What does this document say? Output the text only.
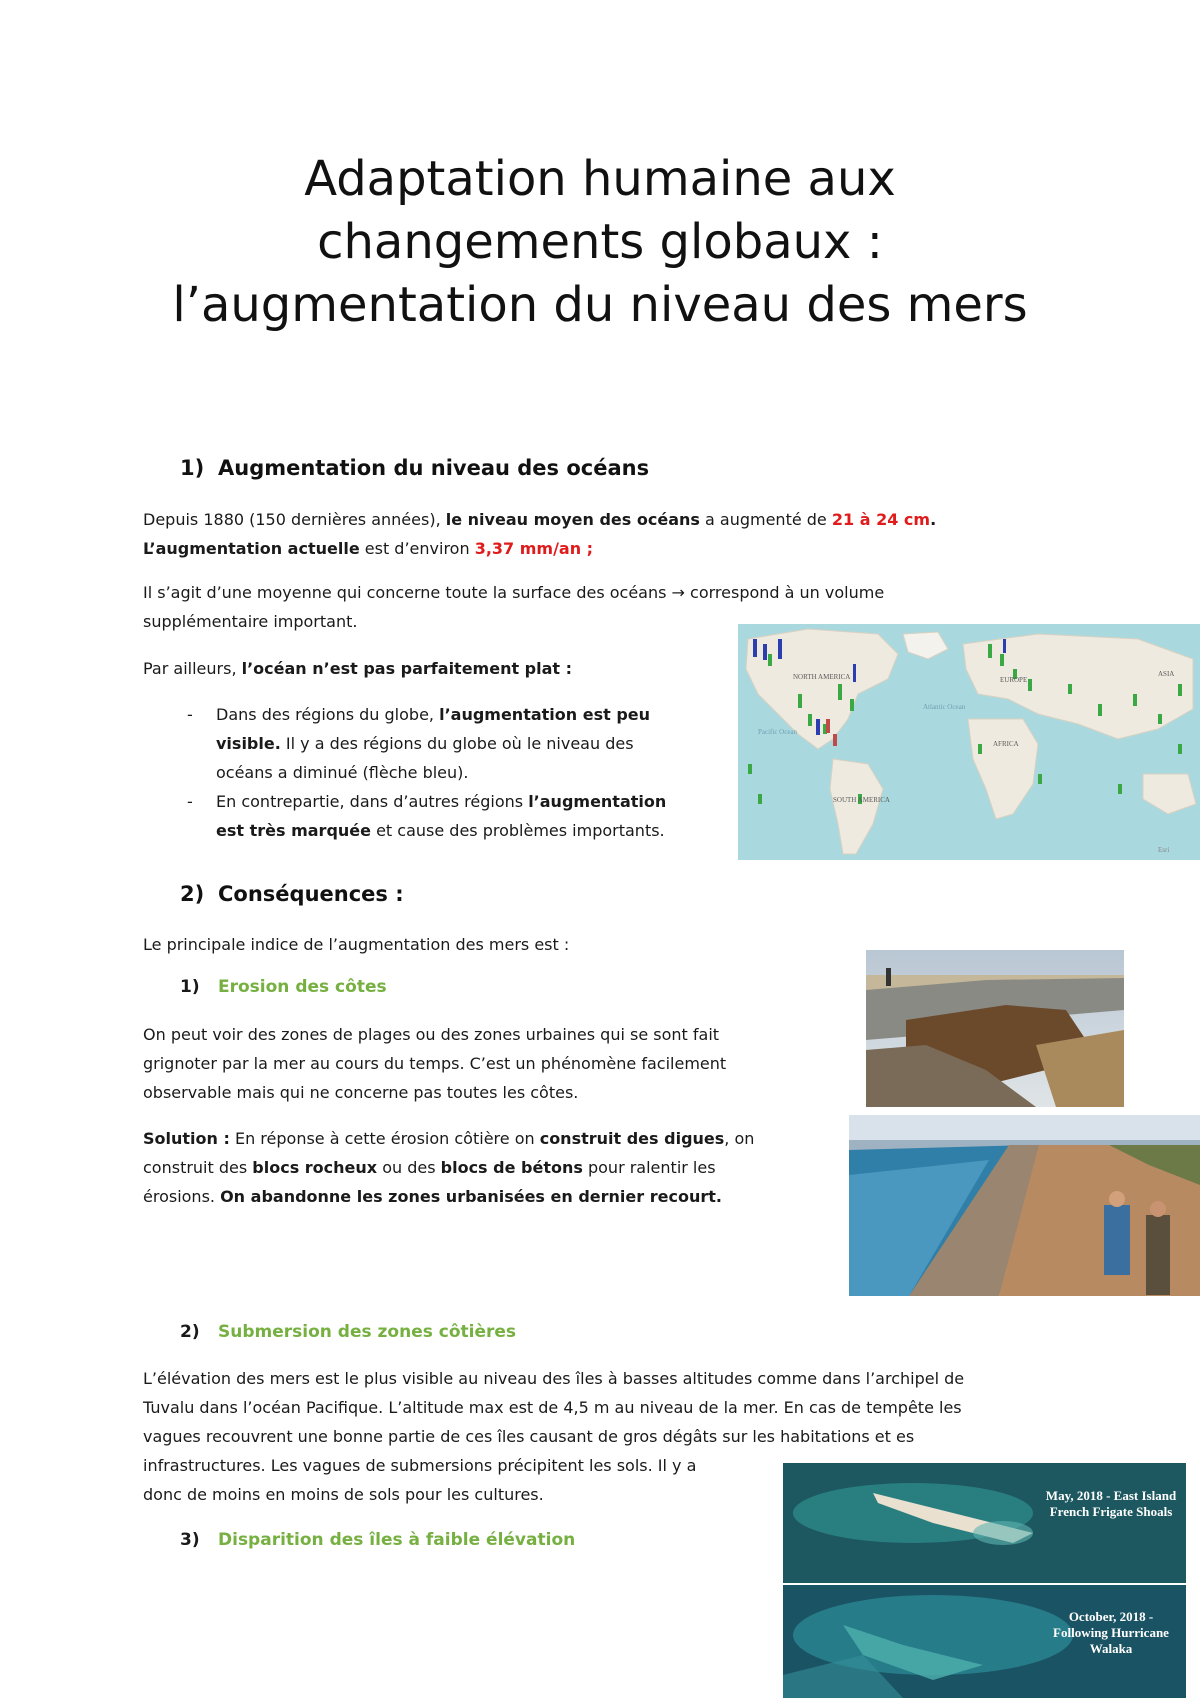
Adaptation humaine aux changements globaux : l’augmentation du niveau des mers
1) Augmentation du niveau des océans
Depuis 1880 (150 dernières années), le niveau moyen des océans a augmenté de 21 à 24 cm.
L’augmentation actuelle est d’environ 3,37 mm/an ;
Il s’agit d’une moyenne qui concerne toute la surface des océans → correspond à un volume
supplémentaire important.
Par ailleurs, l’océan n’est pas parfaitement plat :
- Dans des régions du globe, l’augmentation est peu
visible. Il y a des régions du globe où le niveau des
océans a diminué (flèche bleu).
- En contrepartie, dans d’autres régions l’augmentation
est très marquée et cause des problèmes importants.
NORTH AMERICA	EUROPE
ASIA
AFRICA
SOUTH AMERICA
Atlantic Ocean
Pacific Ocean
Esri
2) Conséquences :
Le principale indice de l’augmentation des mers est :
1) Erosion des côtes
On peut voir des zones de plages ou des zones urbaines qui se sont fait
grignoter par la mer au cours du temps. C’est un phénomène facilement
observable mais qui ne concerne pas toutes les côtes.
Solution : En réponse à cette érosion côtière on construit des digues, on
construit des blocs rocheux ou des blocs de bétons pour ralentir les
érosions. On abandonne les zones urbanisées en dernier recourt.
2) Submersion des zones côtières
L’élévation des mers est le plus visible au niveau des îles à basses altitudes comme dans l’archipel de
Tuvalu dans l’océan Pacifique. L’altitude max est de 4,5 m au niveau de la mer. En cas de tempête les
vagues recouvrent une bonne partie de ces îles causant de gros dégâts sur les habitations et es
infrastructures. Les vagues de submersions précipitent les sols. Il y a
donc de moins en moins de sols pour les cultures.
3) Disparition des îles à faible élévation
May, 2018 - East Island French Frigate Shoals
October, 2018 - Following Hurricane Walaka
